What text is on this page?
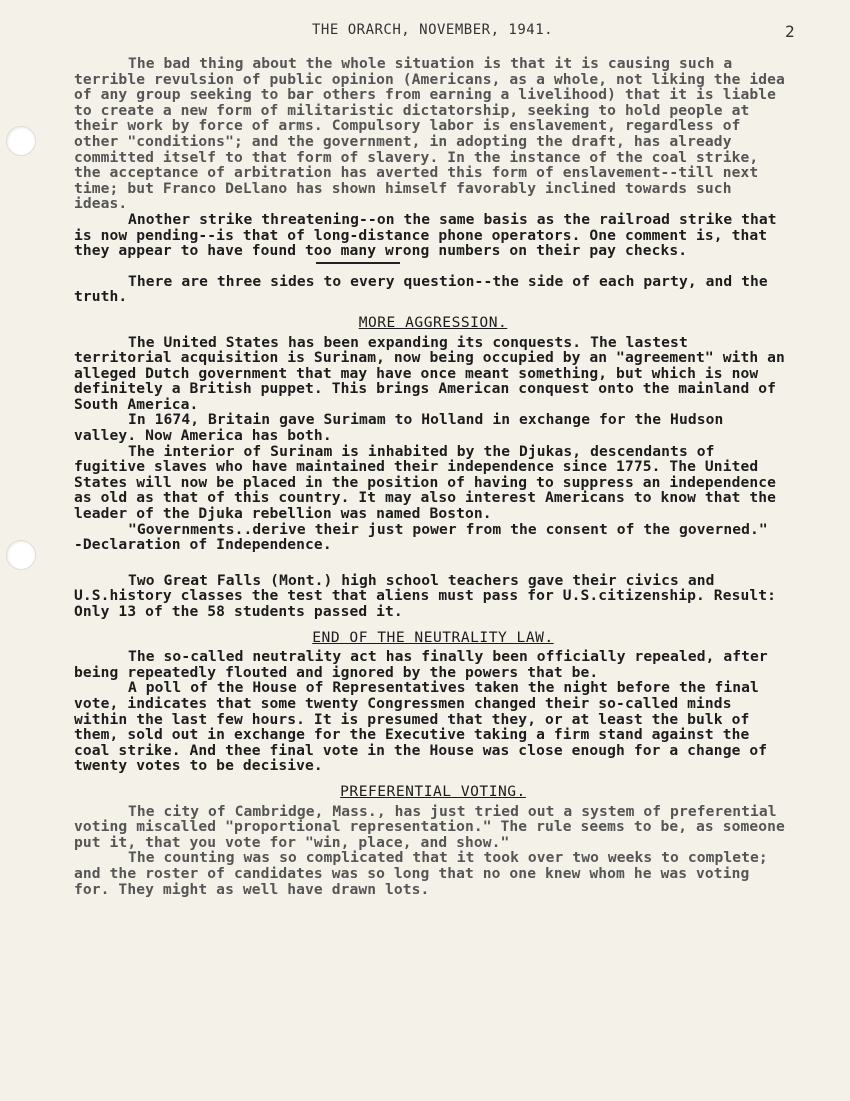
THE ORARCH, NOVEMBER, 1941.	2

The bad thing about the whole situation is that it is causing such a terrible revulsion of public opinion (Americans, as a whole, not liking the idea of any group seeking to bar others from earning a livelihood) that it is liable to create a new form of militaristic dictatorship, seeking to hold people at their work by force of arms. Compulsory labor is enslavement, regardless of other "conditions"; and the government, in adopting the draft, has already committed itself to that form of slavery. In the instance of the coal strike, the acceptance of arbitration has averted this form of enslavement--till next time; but Franco DeLlano has shown himself favorably inclined towards such ideas.

Another strike threatening--on the same basis as the railroad strike that is now pending--is that of long-distance phone operators. One comment is, that they appear to have found too many wrong numbers on their pay checks.

There are three sides to every question--the side of each party, and the truth.

MORE AGGRESSION.

The United States has been expanding its conquests. The lastest territorial acquisition is Surinam, now being occupied by an "agreement" with an alleged Dutch government that may have once meant something, but which is now definitely a British puppet. This brings American conquest onto the mainland of South America.

In 1674, Britain gave Surimam to Holland in exchange for the Hudson valley. Now America has both.

The interior of Surinam is inhabited by the Djukas, descendants of fugitive slaves who have maintained their independence since 1775. The United States will now be placed in the position of having to suppress an independence as old as that of this country. It may also interest Americans to know that the leader of the Djuka rebellion was named Boston.

"Governments..derive their just power from the consent of the governed."      -Declaration of Independence.

Two Great Falls (Mont.) high school teachers gave their civics and U.S.history classes the test that aliens must pass for U.S.citizenship. Result: Only 13 of the 58 students passed it.

END OF THE NEUTRALITY LAW.

The so-called neutrality act has finally been officially repealed, after being repeatedly flouted and ignored by the powers that be.

A poll of the House of Representatives taken the night before the final vote, indicates that some twenty Congressmen changed their so-called minds within the last few hours. It is presumed that they, or at least the bulk of them, sold out in exchange for the Executive taking a firm stand against the coal strike. And thee final vote in the House was close enough for a change of twenty votes to be decisive.

PREFERENTIAL VOTING.

The city of Cambridge, Mass., has just tried out a system of preferential voting miscalled "proportional representation." The rule seems to be, as someone put it, that you vote for "win, place, and show."

The counting was so complicated that it took over two weeks to complete; and the roster of candidates was so long that no one knew whom he was voting for. They might as well have drawn lots.
